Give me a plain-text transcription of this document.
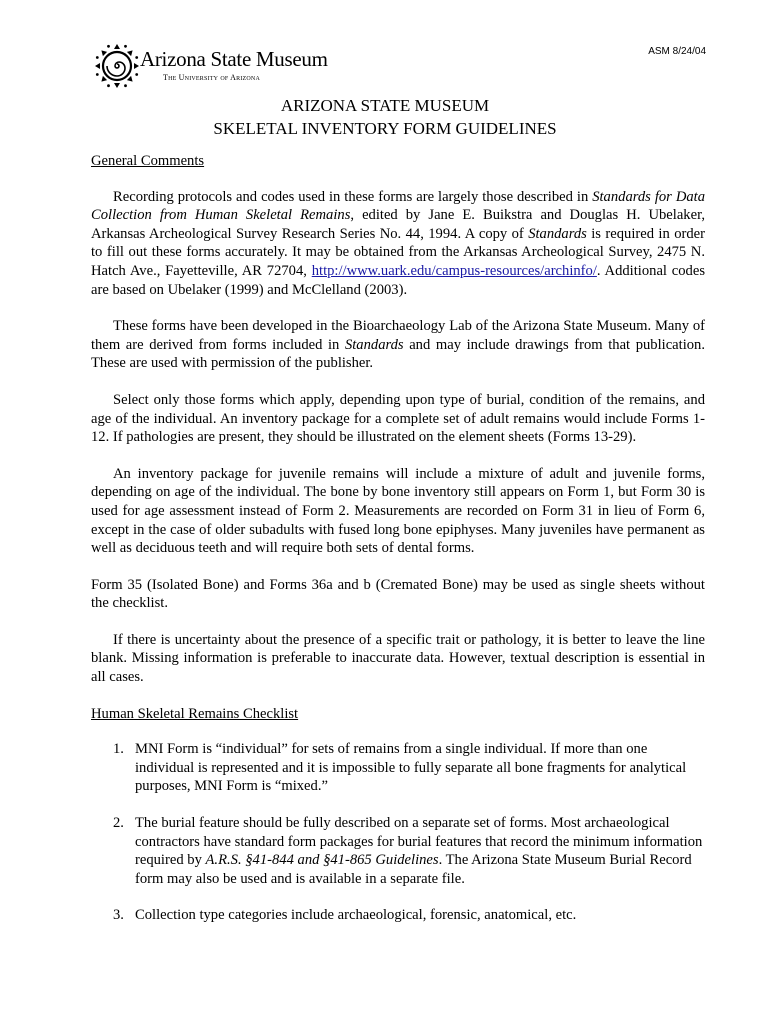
ASM 8/24/04
Arizona State Museum
The University of Arizona
ARIZONA STATE MUSEUM
SKELETAL INVENTORY FORM GUIDELINES
General Comments

Recording protocols and codes used in these forms are largely those described in Standards for Data Collection from Human Skeletal Remains, edited by Jane E. Buikstra and Douglas H. Ubelaker, Arkansas Archeological Survey Research Series No. 44, 1994. A copy of Standards is required in order to fill out these forms accurately. It may be obtained from the Arkansas Archeological Survey, 2475 N. Hatch Ave., Fayetteville, AR 72704, http://www.uark.edu/campus-resources/archinfo/. Additional codes are based on Ubelaker (1999) and McClelland (2003).

These forms have been developed in the Bioarchaeology Lab of the Arizona State Museum. Many of them are derived from forms included in Standards and may include drawings from that publication. These are used with permission of the publisher.

Select only those forms which apply, depending upon type of burial, condition of the remains, and age of the individual. An inventory package for a complete set of adult remains would include Forms 1-12. If pathologies are present, they should be illustrated on the element sheets (Forms 13-29).

An inventory package for juvenile remains will include a mixture of adult and juvenile forms, depending on age of the individual. The bone by bone inventory still appears on Form 1, but Form 30 is used for age assessment instead of Form 2. Measurements are recorded on Form 31 in lieu of Form 6, except in the case of older subadults with fused long bone epiphyses. Many juveniles have permanent as well as deciduous teeth and will require both sets of dental forms.

Form 35 (Isolated Bone) and Forms 36a and b (Cremated Bone) may be used as single sheets without the checklist.

If there is uncertainty about the presence of a specific trait or pathology, it is better to leave the line blank. Missing information is preferable to inaccurate data. However, textual description is essential in all cases.

Human Skeletal Remains Checklist
1. MNI Form is “individual” for sets of remains from a single individual. If more than one individual is represented and it is impossible to fully separate all bone fragments for analytical purposes, MNI Form is “mixed.”
2. The burial feature should be fully described on a separate set of forms. Most archaeological contractors have standard form packages for burial features that record the minimum information required by A.R.S. §41-844 and §41-865 Guidelines. The Arizona State Museum Burial Record form may also be used and is available in a separate file.
3. Collection type categories include archaeological, forensic, anatomical, etc.
